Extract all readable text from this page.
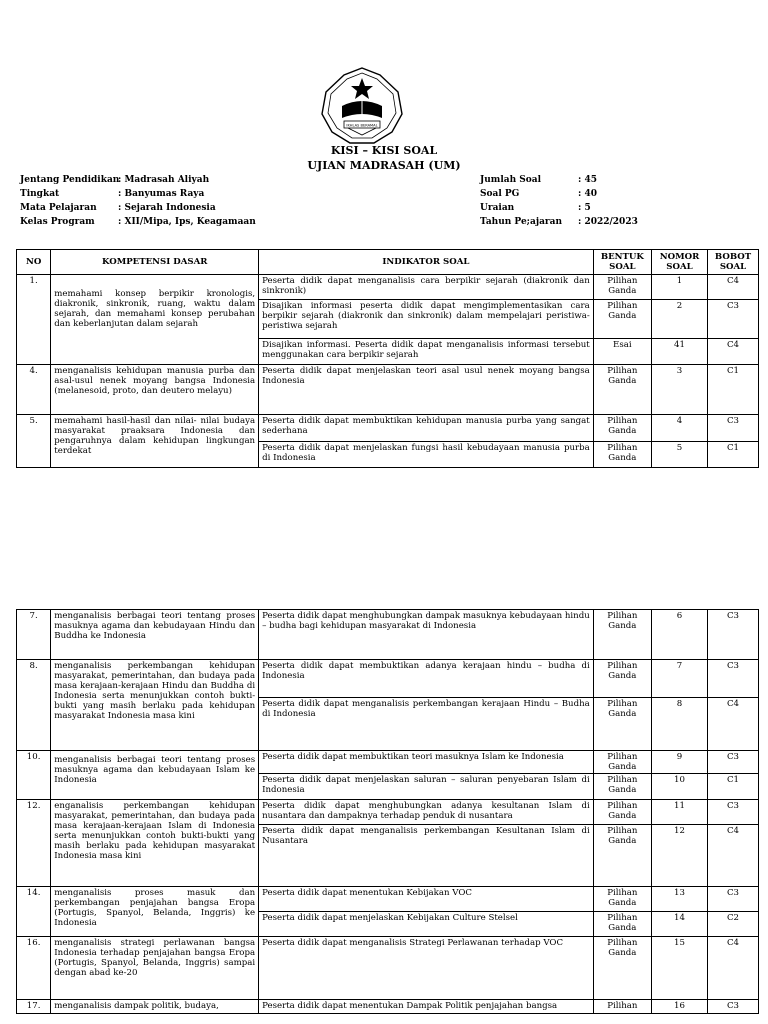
IKHLAS BERAMAL
KISI – KISI SOAL
UJIAN MADRASAH (UM)
Jentang Pendidikan
: Madrasah Aliyah
Tingkat	: Banyumas Raya
Mata Pelajaran	: Sejarah Indonesia
Kelas Program	: XII/Mipa, Ips, Keagamaan
Jumlah Soal	: 45
Soal PG	: 40
Uraian	: 5
Tahun Pe;ajaran	: 2022/2023
NO	KOMPETENSI DASAR	INDIKATOR SOAL	BENTUK SOAL	NOMOR SOAL	BOBOT SOAL
1.	memahami konsep berpikir kronologis, diakronik, sinkronik, ruang, waktu dalam sejarah, dan memahami konsep perubahan dan keberlanjutan dalam sejarah	Peserta didik dapat menganalisis cara berpikir sejarah (diakronik dan sinkronik)	Pilihan Ganda	1	C4
		Disajikan informasi peserta didik dapat mengimplementasikan cara berpikir sejarah (diakronik dan sinkronik) dalam mempelajari peristiwa-peristiwa sejarah	Pilihan Ganda	2	C3
		Disajikan informasi. Peserta didik dapat menganalisis informasi tersebut menggunakan cara berpikir sejarah	Esai	41	C4
4.	menganalisis kehidupan manusia purba dan asal-usul nenek moyang bangsa Indonesia (melanesoid, proto, dan deutero melayu)	Peserta didik dapat menjelaskan teori asal usul nenek moyang bangsa Indonesia	Pilihan Ganda	3	C1
5.	memahami hasil-hasil dan nilai- nilai budaya masyarakat praaksara Indonesia dan pengaruhnya dalam kehidupan lingkungan terdekat	Peserta didik dapat membuktikan kehidupan manusia purba yang sangat sederhana	Pilihan Ganda	4	C3
		Peserta didik dapat menjelaskan fungsi hasil kebudayaan manusia purba di Indonesia	Pilihan Ganda	5	C1
7.	menganalisis berbagai teori tentang proses masuknya agama dan kebudayaan Hindu dan Buddha ke Indonesia	Peserta didik dapat menghubungkan dampak masuknya kebudayaan hindu – budha bagi kehidupan masyarakat di Indonesia	Pilihan Ganda	6	C3
8.	menganalisis perkembangan kehidupan masyarakat, pemerintahan, dan budaya pada masa kerajaan-kerajaan Hindu dan Buddha di Indonesia serta menunjukkan contoh bukti-bukti yang masih berlaku pada kehidupan masyarakat Indonesia masa kini	Peserta didik dapat membuktikan adanya kerajaan hindu – budha di Indonesia	Pilihan Ganda	7	C3
		Peserta didik dapat menganalisis perkembangan kerajaan Hindu – Budha di Indonesia	Pilihan Ganda	8	C4
10.	menganalisis berbagai teori tentang proses masuknya agama dan kebudayaan Islam ke Indonesia	Peserta didik dapat membuktikan teori masuknya Islam ke Indonesia	Pilihan Ganda	9	C3
		Peserta didik dapat menjelaskan saluran – saluran penyebaran Islam di Indonesia	Pilihan Ganda	10	C1
12.	enganalisis perkembangan kehidupan masyarakat, pemerintahan, dan budaya pada masa kerajaan-kerajaan Islam di Indonesia serta menunjukkan contoh bukti-bukti yang masih berlaku pada kehidupan masyarakat Indonesia masa kini	Peserta didik dapat menghubungkan adanya kesultanan Islam di nusantara dan dampaknya terhadap penduk di nusantara	Pilihan Ganda	11	C3
		Peserta didik dapat menganalisis perkembangan Kesultanan Islam di Nusantara	Pilihan Ganda	12	C4
14.	menganalisis proses masuk dan perkembangan penjajahan bangsa Eropa (Portugis, Spanyol, Belanda, Inggris) ke Indonesia	Peserta didik dapat menentukan Kebijakan VOC	Pilihan Ganda	13	C3
		Peserta didik dapat menjelaskan Kebijakan Culture Stelsel	Pilihan Ganda	14	C2
16.	menganalisis strategi perlawanan bangsa Indonesia terhadap penjajahan bangsa Eropa (Portugis, Spanyol, Belanda, Inggris) sampai dengan abad ke-20	Peserta didik dapat menganalisis Strategi Perlawanan terhadap VOC	Pilihan Ganda	15	C4
17.	menganalisis dampak politik, budaya,	Peserta didik dapat menentukan Dampak Politik penjajahan bangsa	Pilihan	16	C3
